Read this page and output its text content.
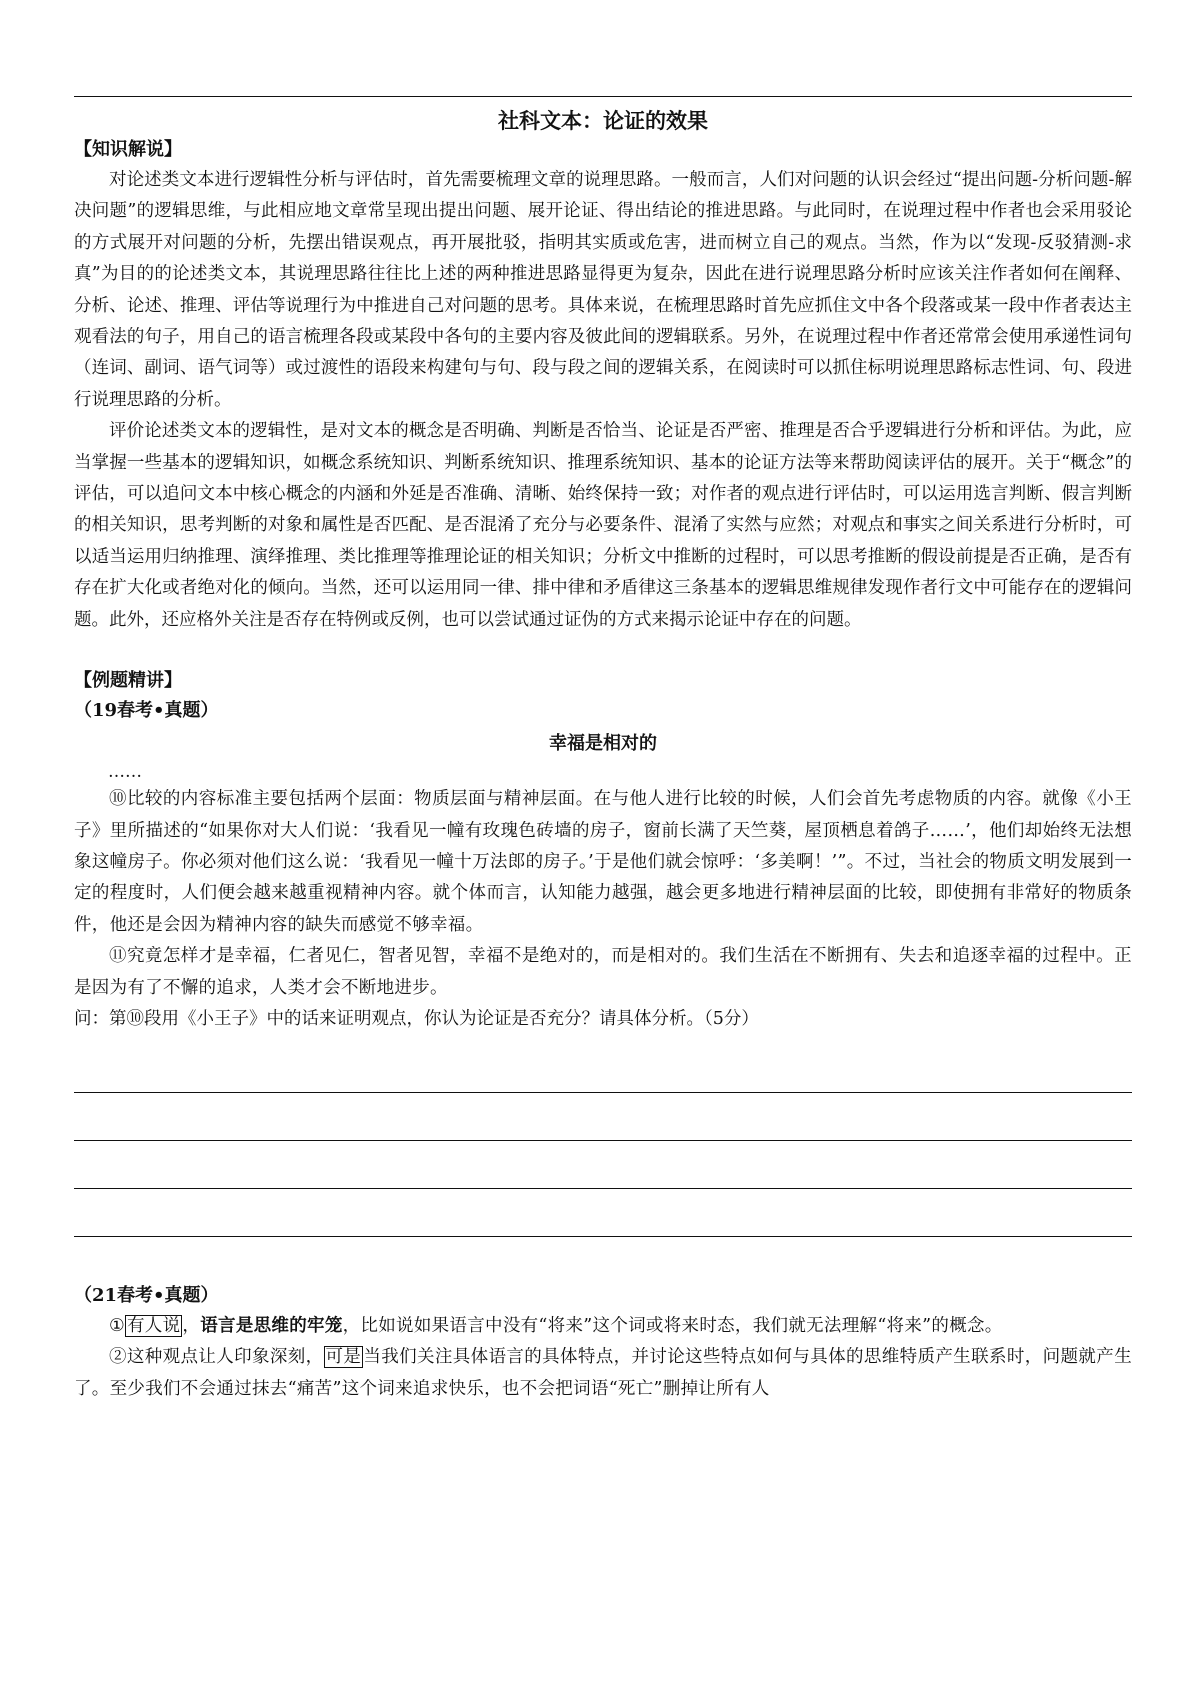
社科文本：论证的效果
【知识解说】

对论述类文本进行逻辑性分析与评估时，首先需要梳理文章的说理思路。一般而言，人们对问题的认识会经过“提出问题-分析问题-解决问题”的逻辑思维，与此相应地文章常呈现出提出问题、展开论证、得出结论的推进思路。与此同时，在说理过程中作者也会采用驳论的方式展开对问题的分析，先摆出错误观点，再开展批驳，指明其实质或危害，进而树立自己的观点。当然，作为以“发现-反驳猜测-求真”为目的的论述类文本，其说理思路往往比上述的两种推进思路显得更为复杂，因此在进行说理思路分析时应该关注作者如何在阐释、分析、论述、推理、评估等说理行为中推进自己对问题的思考。具体来说，在梳理思路时首先应抓住文中各个段落或某一段中作者表达主观看法的句子，用自己的语言梳理各段或某段中各句的主要内容及彼此间的逻辑联系。另外，在说理过程中作者还常常会使用承递性词句（连词、副词、语气词等）或过渡性的语段来构建句与句、段与段之间的逻辑关系，在阅读时可以抓住标明说理思路标志性词、句、段进行说理思路的分析。

评价论述类文本的逻辑性，是对文本的概念是否明确、判断是否恰当、论证是否严密、推理是否合乎逻辑进行分析和评估。为此，应当掌握一些基本的逻辑知识，如概念系统知识、判断系统知识、推理系统知识、基本的论证方法等来帮助阅读评估的展开。关于“概念”的评估，可以追问文本中核心概念的内涵和外延是否准确、清晰、始终保持一致；对作者的观点进行评估时，可以运用选言判断、假言判断的相关知识，思考判断的对象和属性是否匹配、是否混淆了充分与必要条件、混淆了实然与应然；对观点和事实之间关系进行分析时，可以适当运用归纳推理、演绎推理、类比推理等推理论证的相关知识；分析文中推断的过程时，可以思考推断的假设前提是否正确，是否有存在扩大化或者绝对化的倾向。当然，还可以运用同一律、排中律和矛盾律这三条基本的逻辑思维规律发现作者行文中可能存在的逻辑问题。此外，还应格外关注是否存在特例或反例，也可以尝试通过证伪的方式来揭示论证中存在的问题。

【例题精讲】
（19春考•真题）
幸福是相对的
……

⑩比较的内容标准主要包括两个层面：物质层面与精神层面。在与他人进行比较的时候，人们会首先考虑物质的内容。就像《小王子》里所描述的“如果你对大人们说：‘我看见一幢有玫瑰色砖墙的房子，窗前长满了天竺葵，屋顶栖息着鸽子……’，他们却始终无法想象这幢房子。你必须对他们这么说：‘我看见一幢十万法郎的房子。’于是他们就会惊呼：‘多美啊！’”。不过，当社会的物质文明发展到一定的程度时，人们便会越来越重视精神内容。就个体而言，认知能力越强，越会更多地进行精神层面的比较，即使拥有非常好的物质条件，他还是会因为精神内容的缺失而感觉不够幸福。

⑪究竟怎样才是幸福，仁者见仁，智者见智，幸福不是绝对的，而是相对的。我们生活在不断拥有、失去和追逐幸福的过程中。正是因为有了不懈的追求，人类才会不断地进步。

问：第⑩段用《小王子》中的话来证明观点，你认为论证是否充分？请具体分析。（5分）
（21春考•真题）

① 有人说 ，语言是思维的牢笼，比如说如果语言中没有“将来”这个词或将来时态，我们就无法理解“将来”的概念。

②这种观点让人印象深刻， 可是 当我们关注具体语言的具体特点，并讨论这些特点如何与具体的思维特质产生联系时，问题就产生了。至少我们不会通过抹去“痛苦”这个词来追求快乐，也不会把词语“死亡”删掉让所有人
